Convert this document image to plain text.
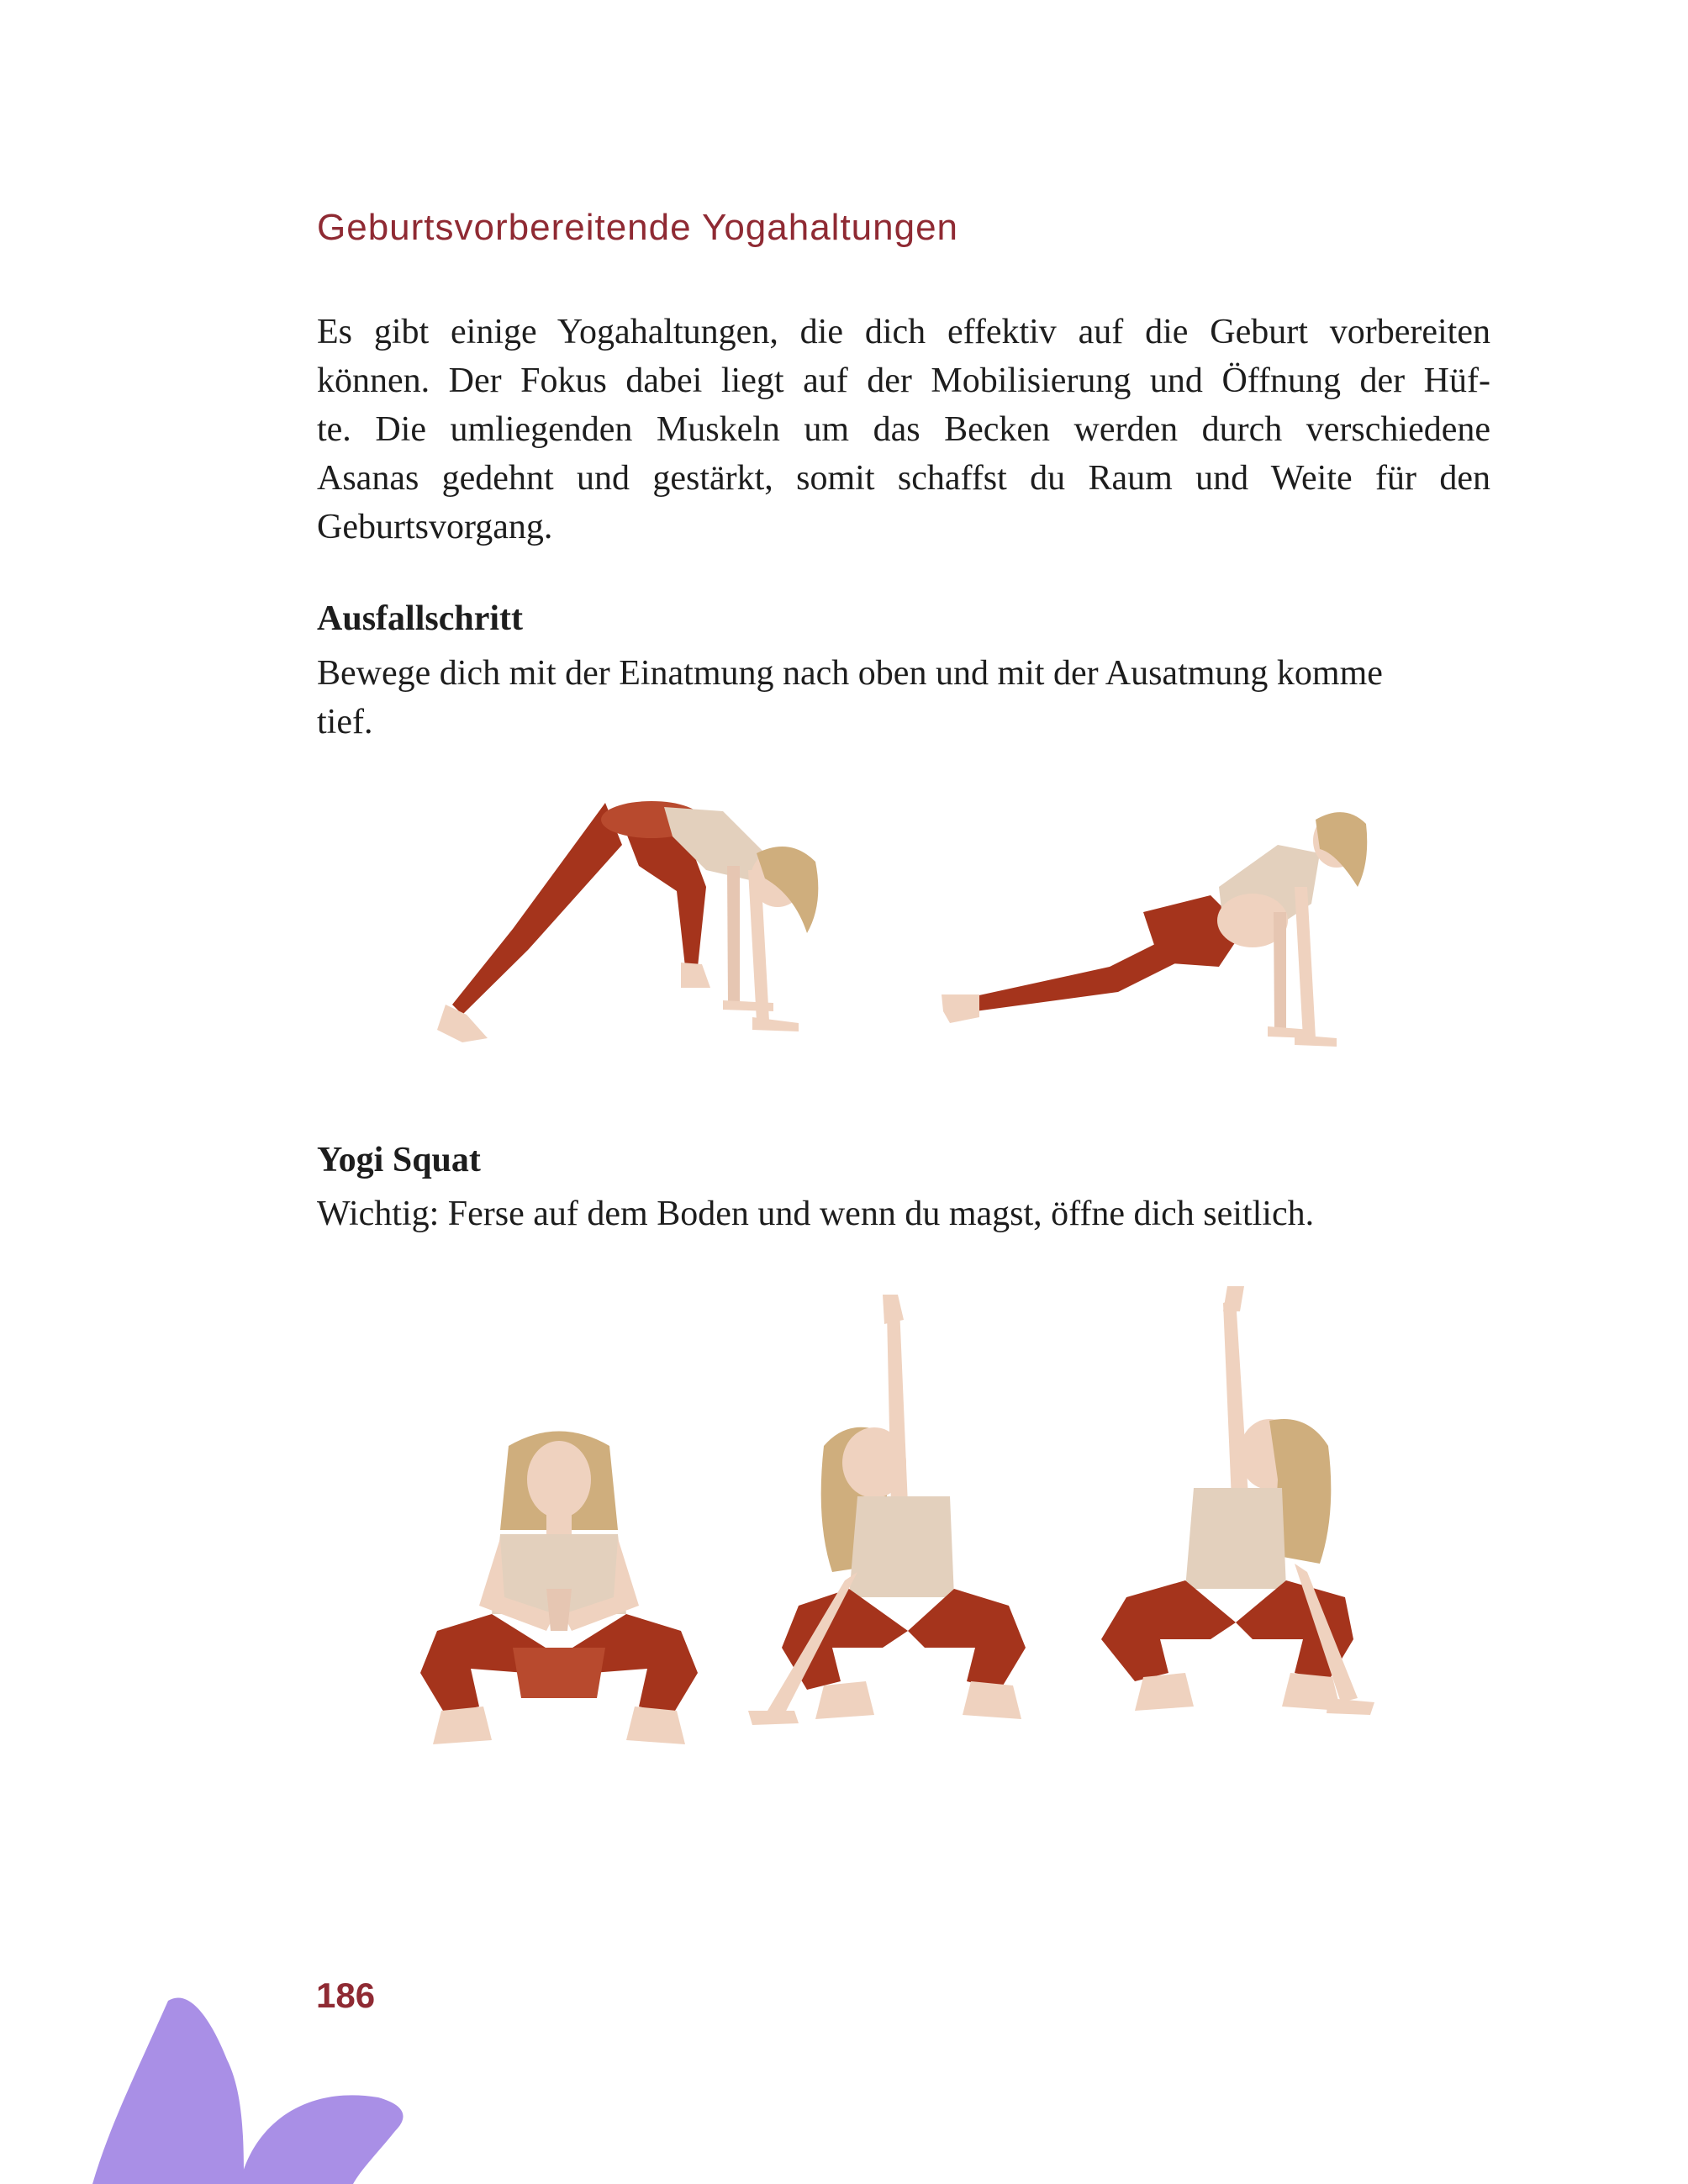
Geburtsvorbereitende Yogahaltungen

Es gibt einige Yogahaltungen, die dich effektiv auf die Geburt vorbereiten
können. Der Fokus dabei liegt auf der Mobilisierung und Öffnung der Hüf-
te. Die umliegenden Muskeln um das Becken werden durch verschiedene
Asanas gedehnt und gestärkt, somit schaffst du Raum und Weite für den
Geburtsvorgang.

Ausfallschritt

Bewege dich mit der Einatmung nach oben und mit der Ausatmung komme
tief.

Yogi Squat

Wichtig: Ferse auf dem Boden und wenn du magst, öffne dich seitlich.

186
